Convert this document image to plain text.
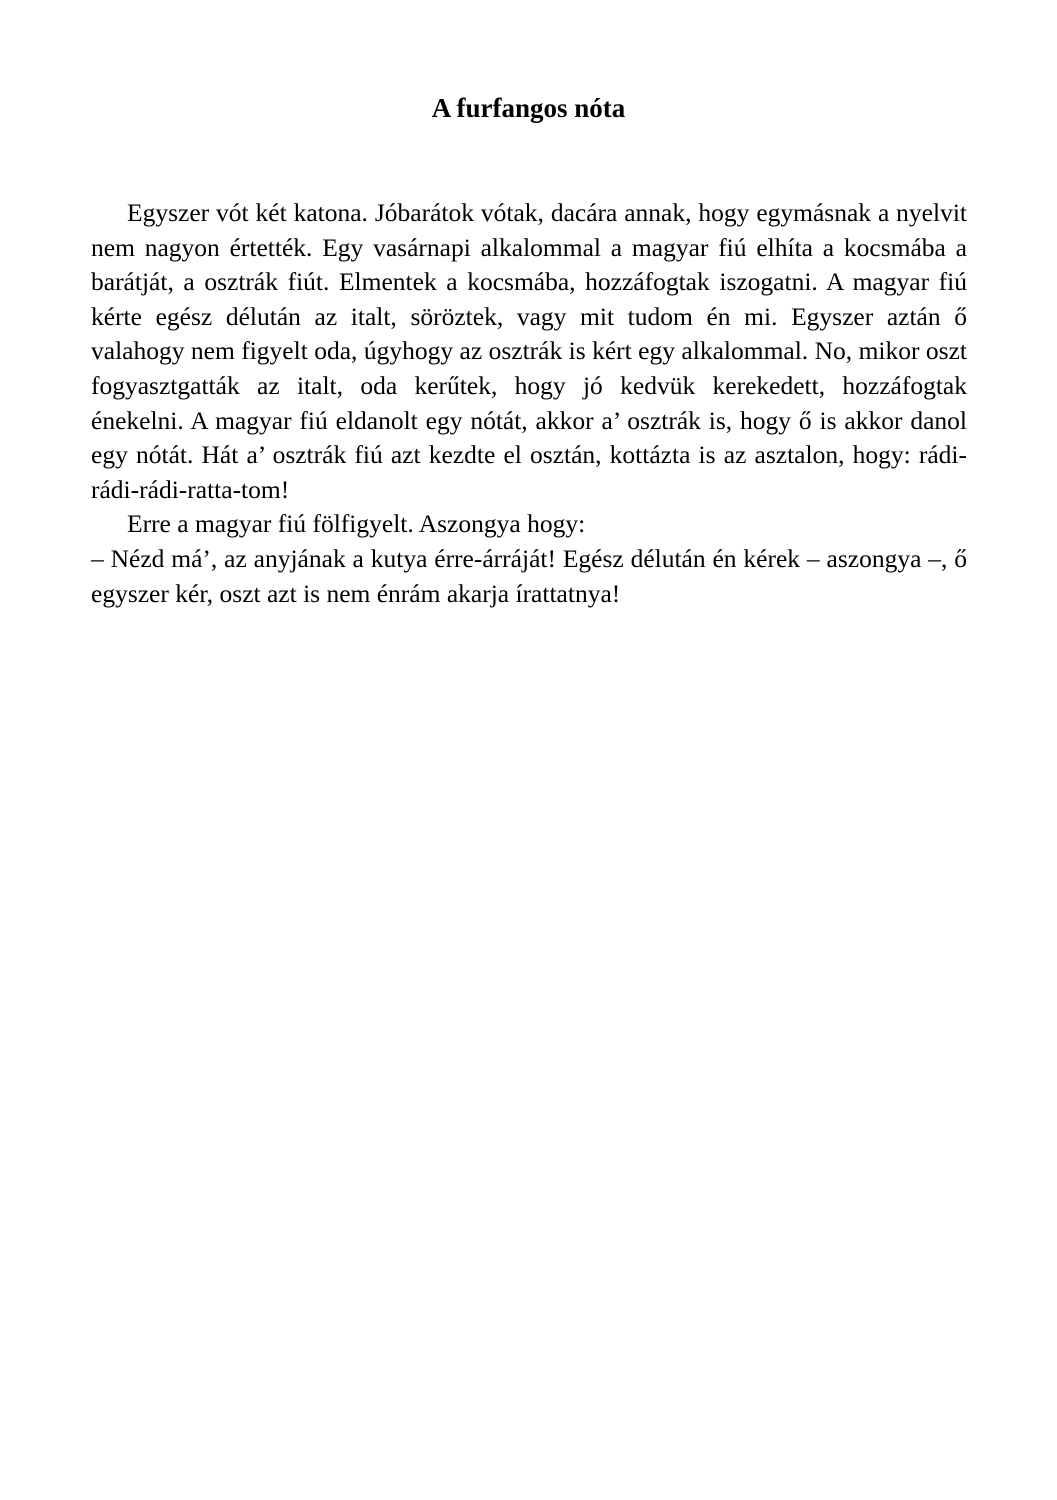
A furfangos nóta

Egyszer vót két katona. Jóbarátok vótak, dacára annak, hogy egymásnak a nyelvit nem nagyon értették. Egy vasárnapi alkalommal a magyar fiú elhíta a kocsmába a barátját, a osztrák fiút. Elmentek a kocsmába, hozzáfogtak iszogatni. A magyar fiú kérte egész délután az italt, söröztek, vagy mit tudom én mi. Egyszer aztán ő valahogy nem figyelt oda, úgyhogy az osztrák is kért egy alkalommal. No, mikor oszt fogyasztgatták az italt, oda kerűtek, hogy jó kedvük kerekedett, hozzáfogtak énekelni. A magyar fiú eldanolt egy nótát, akkor a’ osztrák is, hogy ő is akkor danol egy nótát. Hát a’ osztrák fiú azt kezdte el osztán, kottázta is az asztalon, hogy: rádi-rádi-rádi-ratta-tom!

Erre a magyar fiú fölfigyelt. Aszongya hogy:

– Nézd má’, az anyjának a kutya érre-árráját! Egész délután én kérek – aszongya –, ő egyszer kér, oszt azt is nem énrám akarja írattatnya!
